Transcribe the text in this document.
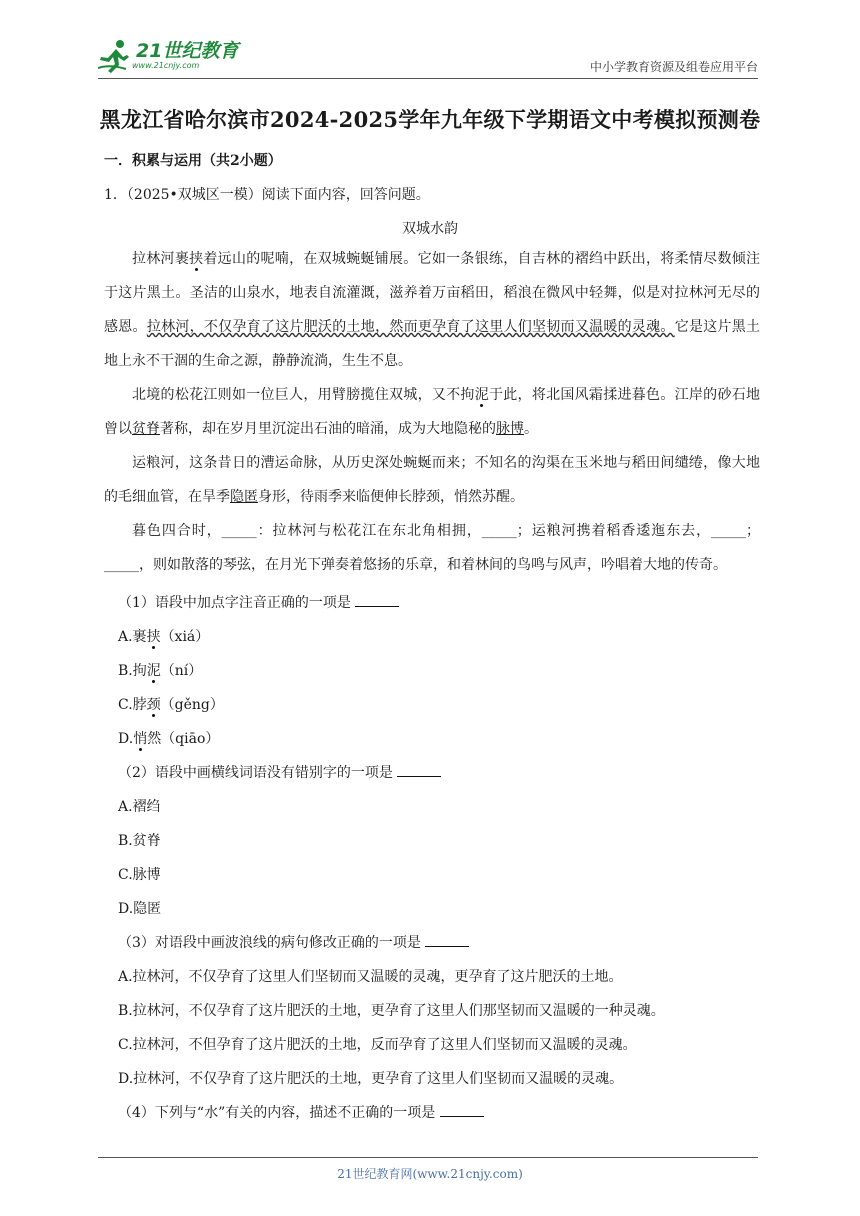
21世纪教育
www.21cnjy.com	中小学教育资源及组卷应用平台
黑龙江省哈尔滨市2024-2025学年九年级下学期语文中考模拟预测卷
一．积累与运用（共2小题）
1．（2025•双城区一模）阅读下面内容，回答问题。
双城水韵
拉林河裹挟着远山的呢喃，在双城蜿蜒铺展。它如一条银练，自吉林的褶绉中跃出，将柔情尽数倾注于这片黑土。圣洁的山泉水，地表自流灌溉，滋养着万亩稻田，稻浪在微风中轻舞，似是对拉林河无尽的感恩。拉林河，不仅孕育了这片肥沃的土地，然而更孕育了这里人们坚韧而又温暖的灵魂。它是这片黑土地上永不干涸的生命之源，静静流淌，生生不息。
北境的松花江则如一位巨人，用臂膀揽住双城，又不拘泥于此，将北国风霜揉进暮色。江岸的砂石地曾以贫脊著称，却在岁月里沉淀出石油的暗涌，成为大地隐秘的脉博。
运粮河，这条昔日的漕运命脉，从历史深处蜿蜒而来；不知名的沟渠在玉米地与稻田间缱绻，像大地的毛细血管，在旱季隐匿身形，待雨季来临便伸长脖颈，悄然苏醒。
暮色四合时，_____：拉林河与松花江在东北角相拥，_____；运粮河携着稻香逶迤东去，_____；_____，则如散落的琴弦，在月光下弹奏着悠扬的乐章，和着林间的鸟鸣与风声，吟唱着大地的传奇。
（1）语段中加点字注音正确的一项是
A.裹挟（xiá）
B.拘泥（ní）
C.脖颈（gěng）
D.悄然（qiāo）
（2）语段中画横线词语没有错别字的一项是
A.褶绉
B.贫脊
C.脉博
D.隐匿
（3）对语段中画波浪线的病句修改正确的一项是
A.拉林河，不仅孕育了这里人们坚韧而又温暖的灵魂，更孕育了这片肥沃的土地。
B.拉林河，不仅孕育了这片肥沃的土地，更孕育了这里人们那坚韧而又温暖的一种灵魂。
C.拉林河，不但孕育了这片肥沃的土地，反而孕育了这里人们坚韧而又温暖的灵魂。
D.拉林河，不仅孕育了这片肥沃的土地，更孕育了这里人们坚韧而又温暖的灵魂。
（4）下列与“水”有关的内容，描述不正确的一项是
21世纪教育网(www.21cnjy.com)
